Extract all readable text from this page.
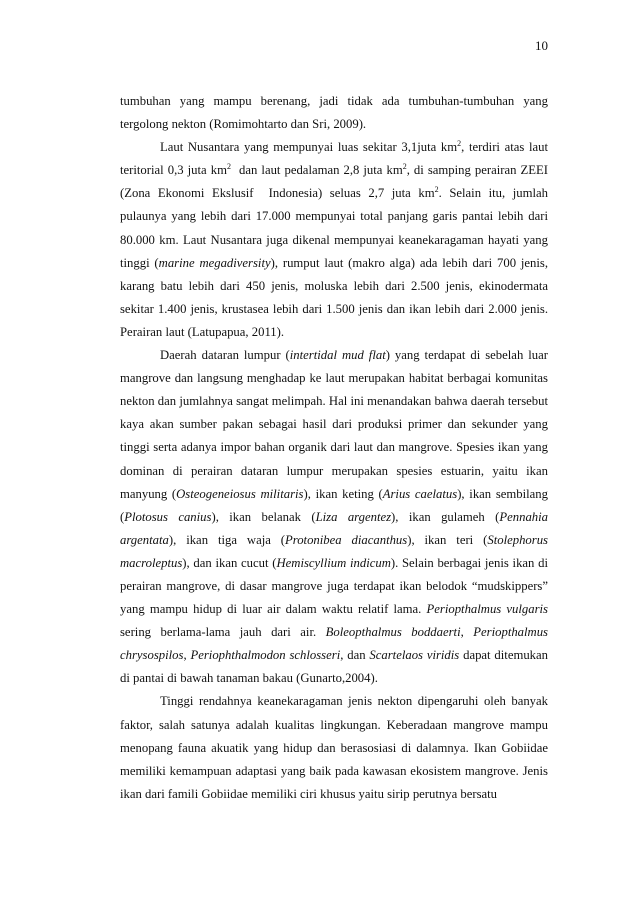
10

tumbuhan yang mampu berenang, jadi tidak ada tumbuhan-tumbuhan yang tergolong nekton (Romimohtarto dan Sri, 2009).

Laut Nusantara yang mempunyai luas sekitar 3,1juta $km^2$, terdiri atas laut teritorial 0,3 juta $km^2$  dan laut pedalaman 2,8 juta $km^2$, di samping perairan ZEEI (Zona Ekonomi Ekslusif  Indonesia) seluas 2,7 juta $km^2$. Selain itu, jumlah pulaunya yang lebih dari 17.000 mempunyai total panjang garis pantai lebih dari 80.000 km. Laut Nusantara juga dikenal mempunyai keanekaragaman hayati yang tinggi (marine megadiversity), rumput laut (makro alga) ada lebih dari 700 jenis, karang batu lebih dari 450 jenis, moluska lebih dari 2.500 jenis, ekinodermata sekitar 1.400 jenis, krustasea lebih dari 1.500 jenis dan ikan lebih dari 2.000 jenis. Perairan laut (Latupapua, 2011).

Daerah dataran lumpur (intertidal mud flat) yang terdapat di sebelah luar mangrove dan langsung menghadap ke laut merupakan habitat berbagai komunitas nekton dan jumlahnya sangat melimpah. Hal ini menandakan bahwa daerah tersebut kaya akan sumber pakan sebagai hasil dari produksi primer dan sekunder yang tinggi serta adanya impor bahan organik dari laut dan mangrove. Spesies ikan yang dominan di perairan dataran lumpur merupakan spesies estuarin, yaitu ikan manyung (Osteogeneiosus militaris), ikan keting (Arius caelatus), ikan sembilang (Plotosus canius), ikan belanak (Liza argentez), ikan gulameh (Pennahia argentata), ikan tiga waja (Protonibea diacanthus), ikan teri (Stolephorus macroleptus), dan ikan cucut (Hemiscyllium indicum). Selain berbagai jenis ikan di perairan mangrove, di dasar mangrove juga terdapat ikan belodok “mudskippers” yang mampu hidup di luar air dalam waktu relatif lama. Periopthalmus vulgaris sering berlama-lama jauh dari air. Boleopthalmus boddaerti, Periopthalmus chrysospilos, Periophthalmodon schlosseri, dan Scartelaos viridis dapat ditemukan di pantai di bawah tanaman bakau (Gunarto,2004).

Tinggi rendahnya keanekaragaman jenis nekton dipengaruhi oleh banyak faktor, salah satunya adalah kualitas lingkungan. Keberadaan mangrove mampu menopang fauna akuatik yang hidup dan berasosiasi di dalamnya. Ikan Gobiidae memiliki kemampuan adaptasi yang baik pada kawasan ekosistem mangrove. Jenis ikan dari famili Gobiidae memiliki ciri khusus yaitu sirip perutnya bersatu
